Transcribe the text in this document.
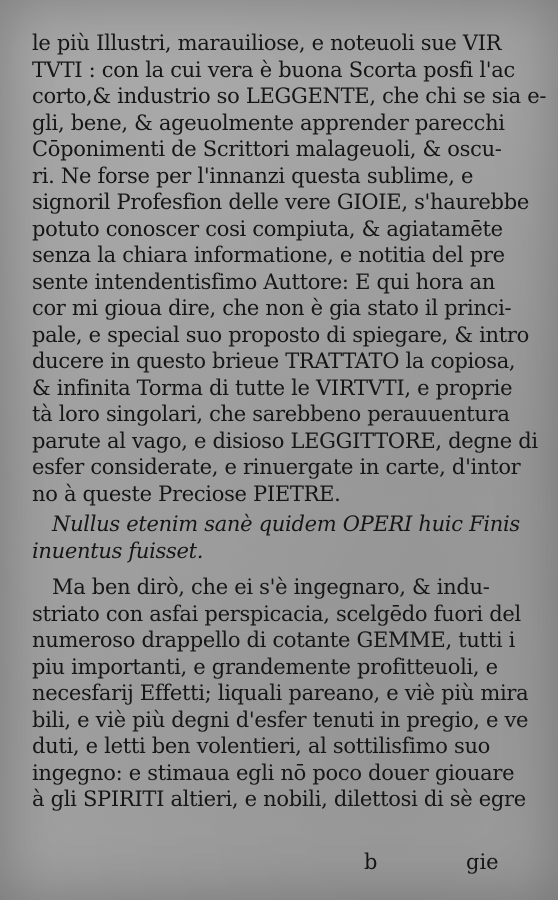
le più Illustri, marauiliose, e noteuoli sue VIR
TVTI : con la cui vera è buona Scorta posfi l'ac
corto,& industrio so LEGGENTE, che chi se sia e-
gli, bene, & ageuolmente apprender parecchi
Cōponimenti de Scrittori malageuoli, & oscu-
ri. Ne forse per l'innanzi questa sublime, e
signoril Profesfion delle vere GIOIE, s'haurebbe
potuto conoscer cosi compiuta, & agiatamēte
senza la chiara informatione, e notitia del pre
sente intendentisfimo Auttore: E qui hora an
cor mi gioua dire, che non è gia stato il princi-
pale, e special suo proposto di spiegare, & intro
ducere in questo brieue TRATTATO la copiosa,
& infinita Torma di tutte le VIRTVTI, e proprie
tà loro singolari, che sarebbeno perauuentura
parute al vago, e disioso LEGGITTORE, degne di
esfer considerate, e rinuergate in carte, d'intor
no à queste Preciose PIETRE.
Nullus etenim sanè quidem OPERI huic Finis
inuentus fuisset.
Ma ben dirò, che ei s'è ingegnaro, & indu-
striato con asfai perspicacia, scelgēdo fuori del
numeroso drappello di cotante GEMME, tutti i
piu importanti, e grandemente profitteuoli, e
necesfarij Effetti; liquali pareano, e viè più mira
bili, e viè più degni d'esfer tenuti in pregio, e ve
duti, e letti ben volentieri, al sottilisfimo suo
ingegno: e stimaua egli nō poco douer giouare
à gli SPIRITI altieri, e nobili, dilettosi di sè egre
b	gie
